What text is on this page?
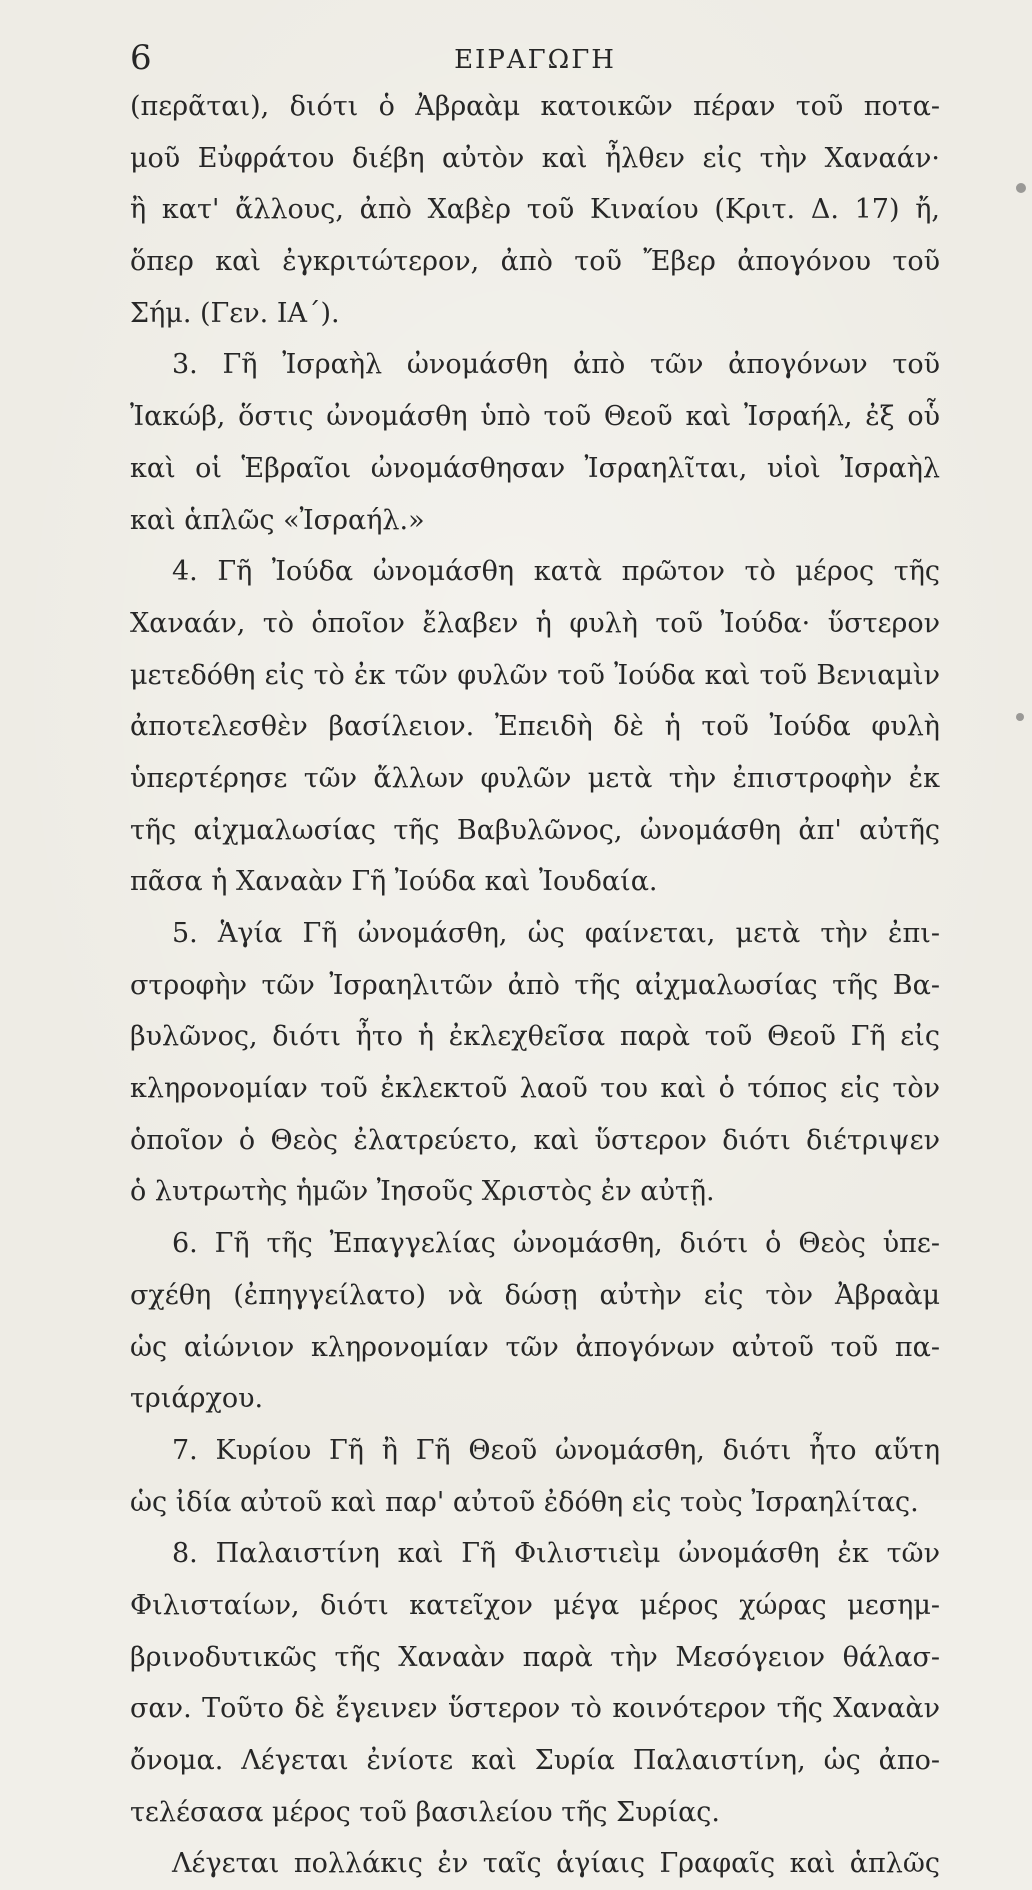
6	ΕΙΡΑΓΩΓΗ
(περᾶται), διότι ὁ Ἀβραὰμ κατοικῶν πέραν τοῦ ποτα-
μοῦ Εὐφράτου διέβη αὐτὸν καὶ ἦλθεν εἰς τὴν Χαναάν·
ἢ κατ' ἄλλους, ἀπὸ Χαβὲρ τοῦ Κιναίου (Κριτ. Δ. 17) ἤ,
ὅπερ καὶ ἐγκριτώτερον, ἀπὸ τοῦ Ἔβερ ἀπογόνου τοῦ
Σήμ. (Γεν. ΙΑ΄).
3. Γῆ Ἰσραὴλ ὠνομάσθη ἀπὸ τῶν ἀπογόνων τοῦ
Ἰακώβ, ὅστις ὠνομάσθη ὑπὸ τοῦ Θεοῦ καὶ Ἰσραήλ, ἐξ οὗ
καὶ οἱ Ἑβραῖοι ὠνομάσθησαν Ἰσραηλῖται, υἱοὶ Ἰσραὴλ
καὶ ἁπλῶς «Ἰσραήλ.»
4. Γῆ Ἰούδα ὠνομάσθη κατὰ πρῶτον τὸ μέρος τῆς
Χαναάν, τὸ ὁποῖον ἔλαβεν ἡ φυλὴ τοῦ Ἰούδα· ὕστερον
μετεδόθη εἰς τὸ ἐκ τῶν φυλῶν τοῦ Ἰούδα καὶ τοῦ Βενιαμὶν
ἀποτελεσθὲν βασίλειον. Ἐπειδὴ δὲ ἡ τοῦ Ἰούδα φυλὴ
ὑπερτέρησε τῶν ἄλλων φυλῶν μετὰ τὴν ἐπιστροφὴν ἐκ
τῆς αἰχμαλωσίας τῆς Βαβυλῶνος, ὠνομάσθη ἀπ' αὐτῆς
πᾶσα ἡ Χαναὰν Γῆ Ἰούδα καὶ Ἰουδαία.
5. Ἁγία Γῆ ὠνομάσθη, ὡς φαίνεται, μετὰ τὴν ἐπι-
στροφὴν τῶν Ἰσραηλιτῶν ἀπὸ τῆς αἰχμαλωσίας τῆς Βα-
βυλῶνος, διότι ἦτο ἡ ἐκλεχθεῖσα παρὰ τοῦ Θεοῦ Γῆ εἰς
κληρονομίαν τοῦ ἐκλεκτοῦ λαοῦ του καὶ ὁ τόπος εἰς τὸν
ὁποῖον ὁ Θεὸς ἐλατρεύετο, καὶ ὕστερον διότι διέτριψεν
ὁ λυτρωτὴς ἡμῶν Ἰησοῦς Χριστὸς ἐν αὐτῇ.
6. Γῆ τῆς Ἐπαγγελίας ὠνομάσθη, διότι ὁ Θεὸς ὑπε-
σχέθη (ἐπηγγείλατο) νὰ δώσῃ αὐτὴν εἰς τὸν Ἀβραὰμ
ὡς αἰώνιον κληρονομίαν τῶν ἀπογόνων αὐτοῦ τοῦ πα-
τριάρχου.
7. Κυρίου Γῆ ἢ Γῆ Θεοῦ ὠνομάσθη, διότι ἦτο αὕτη
ὡς ἰδία αὐτοῦ καὶ παρ' αὐτοῦ ἐδόθη εἰς τοὺς Ἰσραηλίτας.
8. Παλαιστίνη καὶ Γῆ Φιλιστιεὶμ ὠνομάσθη ἐκ τῶν
Φιλισταίων, διότι κατεῖχον μέγα μέρος χώρας μεσημ-
βρινοδυτικῶς τῆς Χαναὰν παρὰ τὴν Μεσόγειον θάλασ-
σαν. Τοῦτο δὲ ἔγεινεν ὕστερον τὸ κοινότερον τῆς Χαναὰν
ὄνομα. Λέγεται ἐνίοτε καὶ Συρία Παλαιστίνη, ὡς ἀπο-
τελέσασα μέρος τοῦ βασιλείου τῆς Συρίας.
Λέγεται πολλάκις ἐν ταῖς ἁγίαις Γραφαῖς καὶ ἁπλῶς
